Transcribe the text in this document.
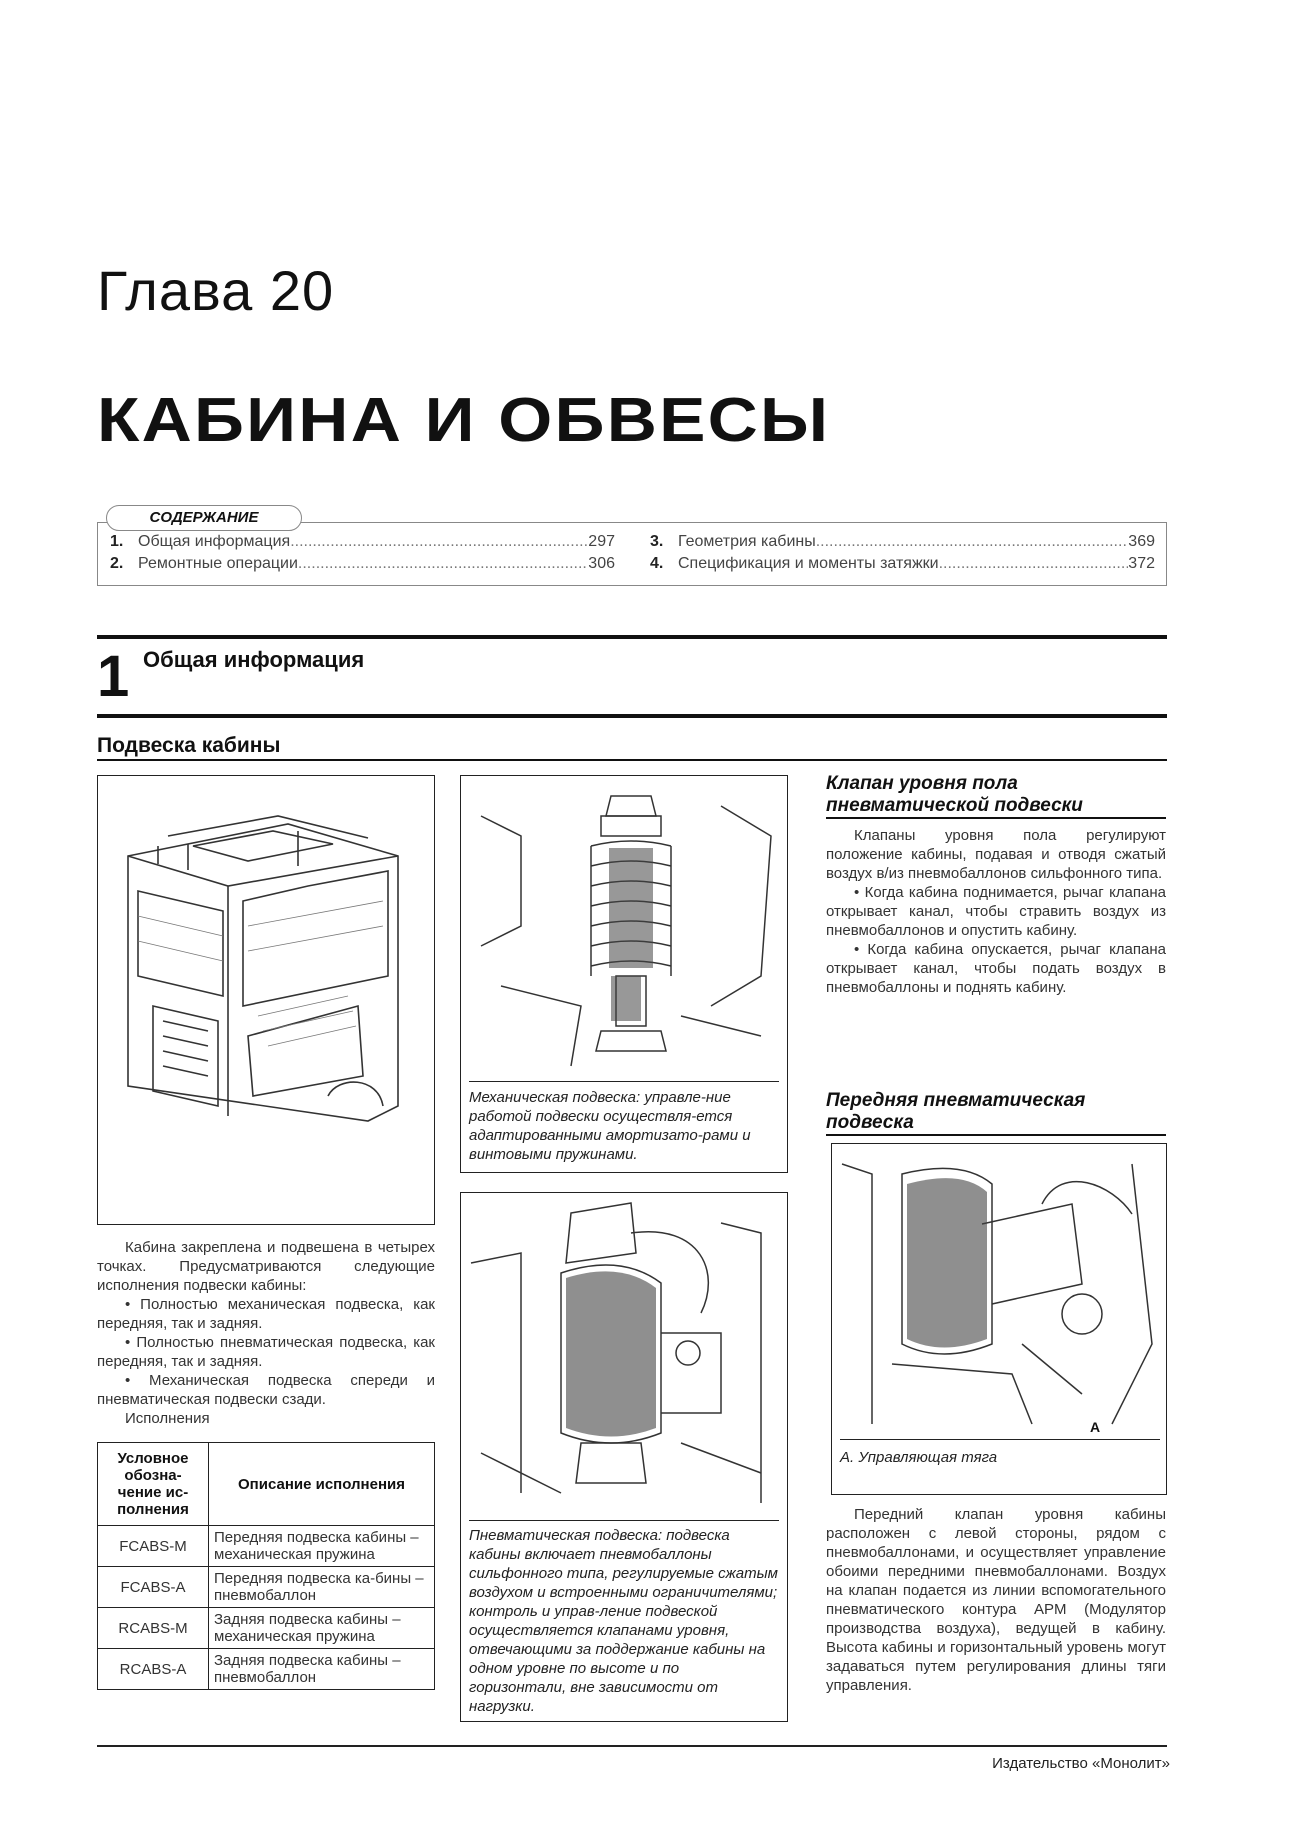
Глава 20
КАБИНА И ОБВЕСЫ
СОДЕРЖАНИЕ
1. Общая информация .....	297
2. Ремонтные операции .....	306
3. Геометрия кабины .....	369
4. Спецификация и моменты затяжки .....	372
1 Общая информация
Подвеска кабины

Кабина закреплена и подвешена в четырех точках. Предусматриваются следующие исполнения подвески кабины:

• Полностью механическая подвеска, как передняя, так и задняя.

• Полностью пневматическая подвеска, как передняя, так и задняя.

• Механическая подвеска спереди и пневматическая подвески сзади.

Исполнения

Условное обозна-чение ис-полнения	Описание исполнения
FCABS-M	Передняя подвеска кабины – механическая пружина
FCABS-A	Передняя подвеска ка-бины – пневмобаллон
RCABS-M	Задняя подвеска кабины – механическая пружина
RCABS-A	Задняя подвеска кабины – пневмобаллон
Механическая подвеска: управле-ние работой подвески осуществля-ется адаптированными амортизато-рами и винтовыми пружинами.
Пневматическая подвеска: подвеска кабины включает пневмобаллоны сильфонного типа, регулируемые сжатым воздухом и встроенными ограничителями; контроль и управ-ление подвеской осуществляется клапанами уровня, отвечающими за поддержание кабины на одном уровне по высоте и по горизонтали, вне зависимости от нагрузки.
Клапан уровня пола пневматической подвески

Клапаны уровня пола регулируют положение кабины, подавая и отводя сжатый воздух в/из пневмобаллонов сильфонного типа.

• Когда кабина поднимается, рычаг клапана открывает канал, чтобы стравить воздух из пневмобаллонов и опустить кабину.

• Когда кабина опускается, рычаг клапана открывает канал, чтобы подать воздух в пневмобаллоны и поднять кабину.

Передняя пневматическая подвеска
A
A. Управляющая тяга

Передний клапан уровня кабины расположен с левой стороны, рядом с пневмобаллонами, и осуществляет управление обоими передними пневмобаллонами. Воздух на клапан подается из линии вспомогательного пневматического контура APM (Модулятор производства воздуха), ведущей в кабину. Высота кабины и горизонтальный уровень могут задаваться путем регулирования длины тяги управления.

Издательство «Монолит»
